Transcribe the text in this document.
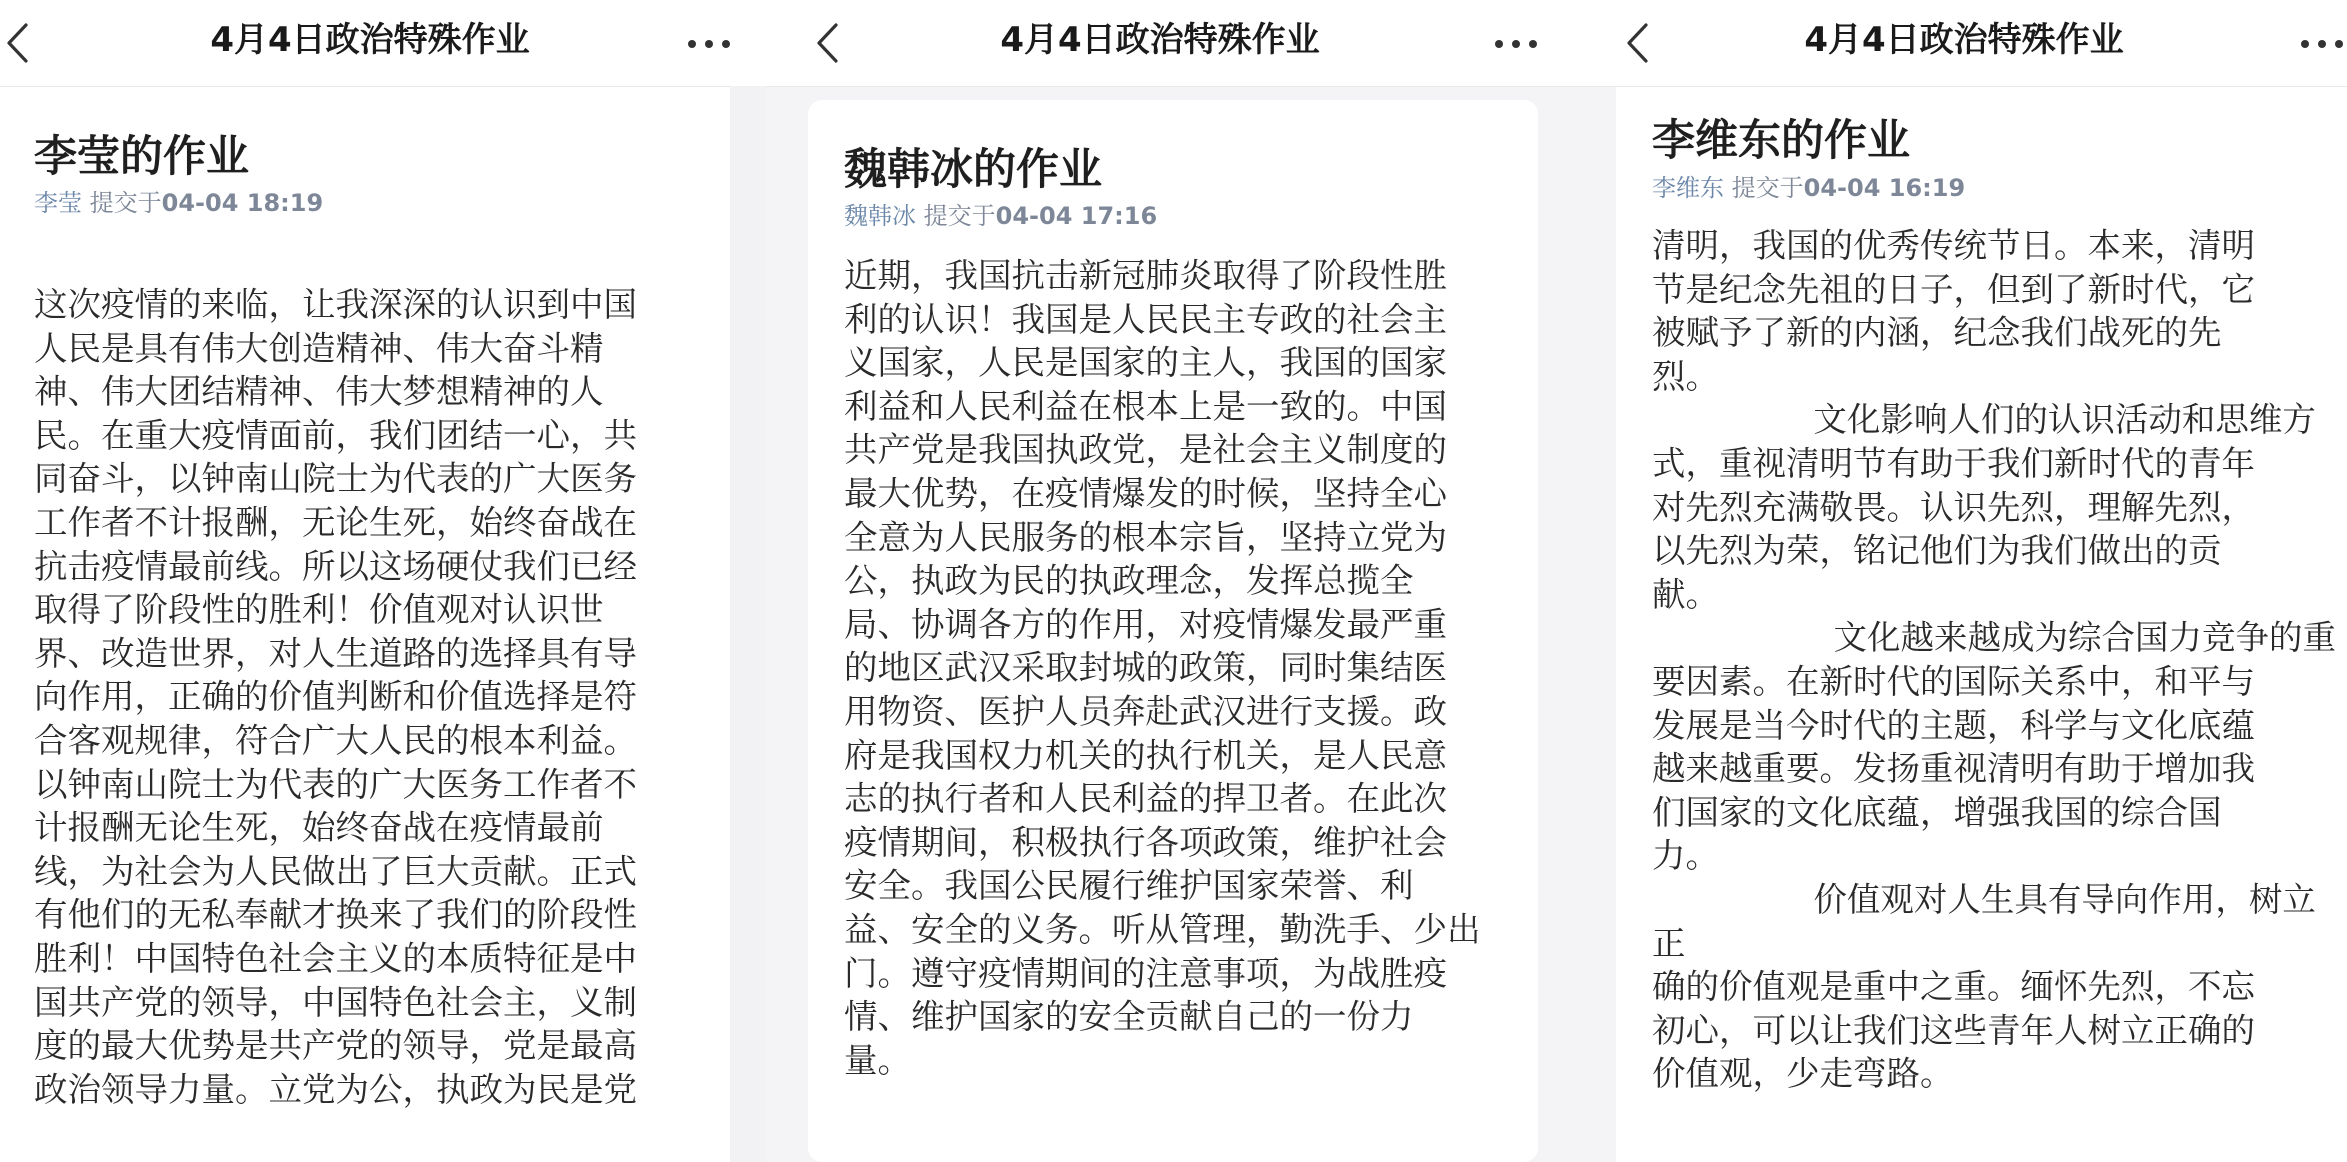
4月4日政治特殊作业
李莹的作业
李莹 提交于04-04 18:19
这次疫情的来临，让我深深的认识到中国
人民是具有伟大创造精神、伟大奋斗精
神、伟大团结精神、伟大梦想精神的人
民。在重大疫情面前，我们团结一心，共
同奋斗，以钟南山院士为代表的广大医务
工作者不计报酬，无论生死，始终奋战在
抗击疫情最前线。所以这场硬仗我们已经
取得了阶段性的胜利！价值观对认识世
界、改造世界，对人生道路的选择具有导
向作用，正确的价值判断和价值选择是符
合客观规律，符合广大人民的根本利益。
以钟南山院士为代表的广大医务工作者不
计报酬无论生死，始终奋战在疫情最前
线，为社会为人民做出了巨大贡献。正式
有他们的无私奉献才换来了我们的阶段性
胜利！中国特色社会主义的本质特征是中
国共产党的领导，中国特色社会主，义制
度的最大优势是共产党的领导，党是最高
政治领导力量。立党为公，执政为民是党
4月4日政治特殊作业
魏韩冰的作业
魏韩冰 提交于04-04 17:16
近期，我国抗击新冠肺炎取得了阶段性胜
利的认识！我国是人民民主专政的社会主
义国家，人民是国家的主人，我国的国家
利益和人民利益在根本上是一致的。中国
共产党是我国执政党，是社会主义制度的
最大优势，在疫情爆发的时候，坚持全心
全意为人民服务的根本宗旨，坚持立党为
公，执政为民的执政理念，发挥总揽全
局、协调各方的作用，对疫情爆发最严重
的地区武汉采取封城的政策，同时集结医
用物资、医护人员奔赴武汉进行支援。政
府是我国权力机关的执行机关，是人民意
志的执行者和人民利益的捍卫者。在此次
疫情期间，积极执行各项政策，维护社会
安全。我国公民履行维护国家荣誉、利
益、安全的义务。听从管理，勤洗手、少出
门。遵守疫情期间的注意事项，为战胜疫
情、维护国家的安全贡献自己的一份力
量。
4月4日政治特殊作业
李维东的作业
李维东 提交于04-04 16:19
清明，我国的优秀传统节日。本来，清明
节是纪念先祖的日子，但到了新时代，它
被赋予了新的内涵，纪念我们战死的先
烈。
文化影响人们的认识活动和思维方
式，重视清明节有助于我们新时代的青年
对先烈充满敬畏。认识先烈，理解先烈，
以先烈为荣，铭记他们为我们做出的贡
献。
文化越来越成为综合国力竞争的重
要因素。在新时代的国际关系中，和平与
发展是当今时代的主题，科学与文化底蕴
越来越重要。发扬重视清明有助于增加我
们国家的文化底蕴，增强我国的综合国
力。
价值观对人生具有导向作用，树立正
确的价值观是重中之重。缅怀先烈，不忘
初心，可以让我们这些青年人树立正确的
价值观，少走弯路。
